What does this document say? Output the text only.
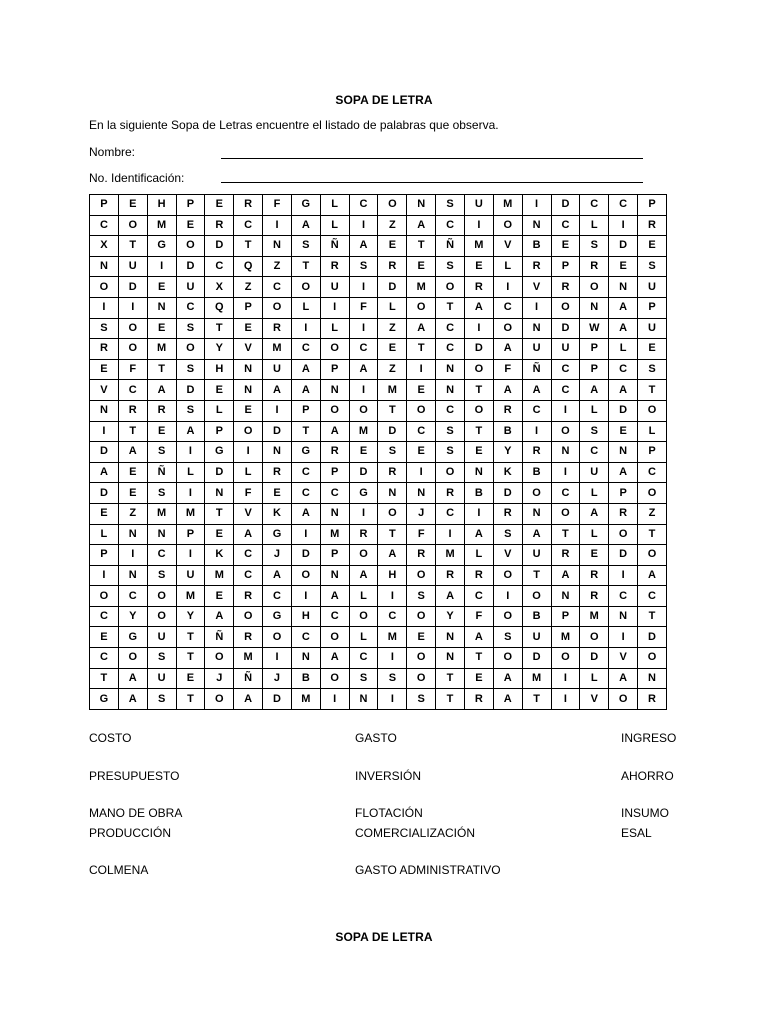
SOPA DE LETRA
En la siguiente Sopa de Letras encuentre el listado de palabras que observa.
Nombre:
No. Identificación:
P	E	H	P	E	R	F	G	L	C	O	N	S	U	M	I	D	C	C	P
C	O	M	E	R	C	I	A	L	I	Z	A	C	I	O	N	C	L	I	R
X	T	G	O	D	T	N	S	Ñ	A	E	T	Ñ	M	V	B	E	S	D	E
N	U	I	D	C	Q	Z	T	R	S	R	E	S	E	L	R	P	R	E	S
O	D	E	U	X	Z	C	O	U	I	D	M	O	R	I	V	R	O	N	U
I	I	N	C	Q	P	O	L	I	F	L	O	T	A	C	I	O	N	A	P
S	O	E	S	T	E	R	I	L	I	Z	A	C	I	O	N	D	W	A	U
R	O	M	O	Y	V	M	C	O	C	E	T	C	D	A	U	U	P	L	E
E	F	T	S	H	N	U	A	P	A	Z	I	N	O	F	Ñ	C	P	C	S
V	C	A	D	E	N	A	A	N	I	M	E	N	T	A	A	C	A	A	T
N	R	R	S	L	E	I	P	O	O	T	O	C	O	R	C	I	L	D	O
I	T	E	A	P	O	D	T	A	M	D	C	S	T	B	I	O	S	E	L
D	A	S	I	G	I	N	G	R	E	S	E	S	E	Y	R	N	C	N	P
A	E	Ñ	L	D	L	R	C	P	D	R	I	O	N	K	B	I	U	A	C
D	E	S	I	N	F	E	C	C	G	N	N	R	B	D	O	C	L	P	O
E	Z	M	M	T	V	K	A	N	I	O	J	C	I	R	N	O	A	R	Z
L	N	N	P	E	A	G	I	M	R	T	F	I	A	S	A	T	L	O	T
P	I	C	I	K	C	J	D	P	O	A	R	M	L	V	U	R	E	D	O
I	N	S	U	M	C	A	O	N	A	H	O	R	R	O	T	A	R	I	A
O	C	O	M	E	R	C	I	A	L	I	S	A	C	I	O	N	R	C	C
C	Y	O	Y	A	O	G	H	C	O	C	O	Y	F	O	B	P	M	N	T
E	G	U	T	Ñ	R	O	C	O	L	M	E	N	A	S	U	M	O	I	D
C	O	S	T	O	M	I	N	A	C	I	O	N	T	O	D	O	D	V	O
T	A	U	E	J	Ñ	J	B	O	S	S	O	T	E	A	M	I	L	A	N
G	A	S	T	O	A	D	M	I	N	I	S	T	R	A	T	I	V	O	R
COSTO
PRESUPUESTO
MANO DE OBRA
PRODUCCIÓN
COLMENA
GASTO
INVERSIÓN
FLOTACIÓN
COMERCIALIZACIÓN
GASTO ADMINISTRATIVO
INGRESO
AHORRO
INSUMO
ESAL
SOPA DE LETRA
